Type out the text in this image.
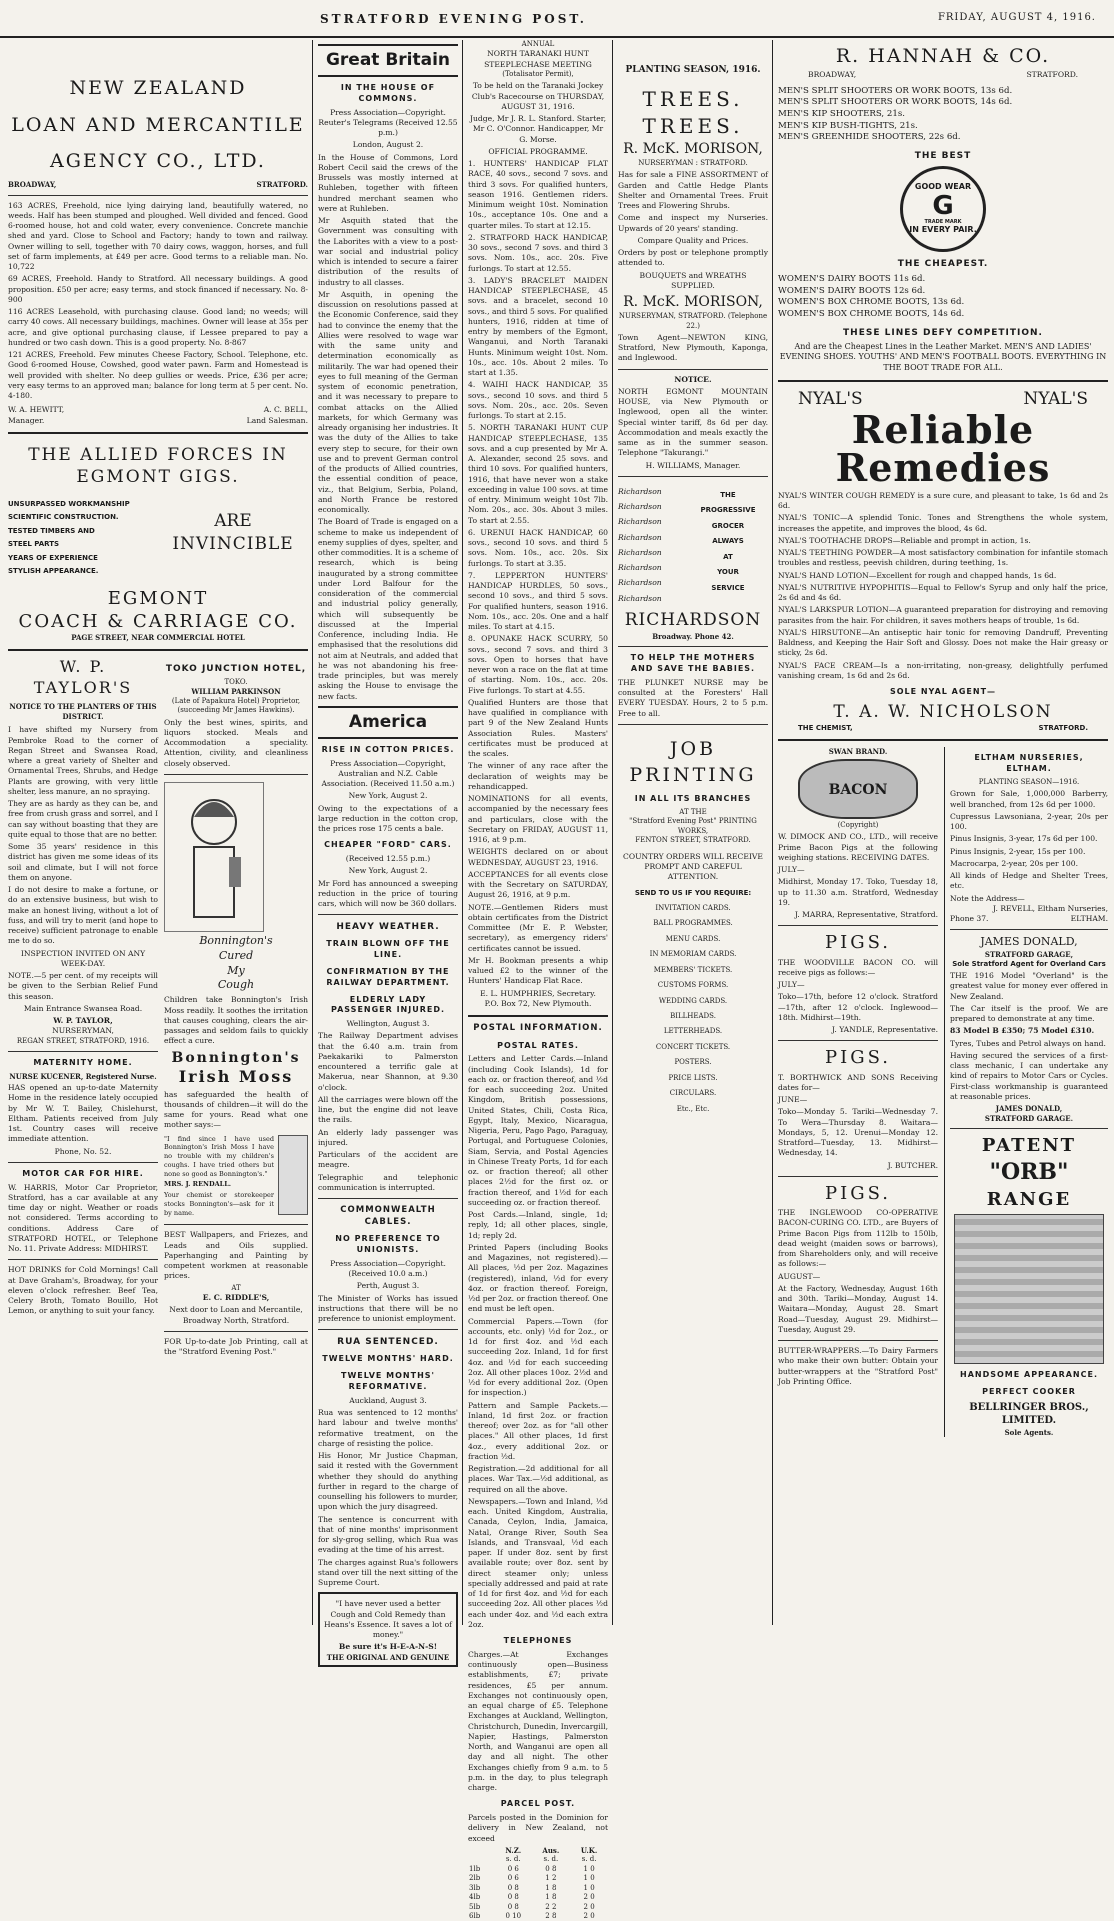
STRATFORD EVENING POST.	FRIDAY, AUGUST 4, 1916.
NEW ZEALAND
LOAN AND MERCANTILE
AGENCY CO., LTD.
BROADWAY,	STRATFORD.

163 ACRES, Freehold, nice lying dairying land, beautifully watered, no weeds. Half has been stumped and ploughed. Well divided and fenced. Good 6-roomed house, hot and cold water, every convenience. Concrete manchie shed and yard. Close to School and Factory; handy to town and railway. Owner willing to sell, together with 70 dairy cows, waggon, horses, and full set of farm implements, at £49 per acre. Good terms to a reliable man. No. 10,722

69 ACRES, Freehold. Handy to Stratford. All necessary buildings. A good proposition. £50 per acre; easy terms, and stock financed if necessary. No. 8-900

116 ACRES Leasehold, with purchasing clause. Good land; no weeds; will carry 40 cows. All necessary buildings, machines. Owner will lease at 35s per acre, and give optional purchasing clause, if Lessee prepared to pay a hundred or two cash down. This is a good property. No. 8-867

121 ACRES, Freehold. Few minutes Cheese Factory, School. Telephone, etc. Good 6-roomed House, Cowshed, good water pawn. Farm and Homestead is well provided with shelter. No deep gullies or weeds. Price, £36 per acre; very easy terms to an approved man; balance for long term at 5 per cent. No. 4-180.

W. A. HEWITT,	A. C. BELL,
Manager.	Land Salesman.
THE ALLIED FORCES IN
EGMONT GIGS.
UNSURPASSED WORKMANSHIP
SCIENTIFIC CONSTRUCTION.
TESTED TIMBERS AND
STEEL PARTS
YEARS OF EXPERIENCE
STYLISH APPEARANCE.
ARE
INVINCIBLE
EGMONT
COACH & CARRIAGE CO.
PAGE STREET, NEAR COMMERCIAL HOTEL
W. P. TAYLOR'S
NOTICE TO THE PLANTERS OF THIS DISTRICT.

I have shifted my Nursery from Pembroke Road to the corner of Regan Street and Swansea Road, where a great variety of Shelter and Ornamental Trees, Shrubs, and Hedge Plants are growing, with very little shelter, less manure, an no spraying.

They are as hardy as they can be, and free from crush grass and sorrel, and I can say without boasting that they are quite equal to those that are no better.

Some 35 years' residence in this district has given me some ideas of its soil and climate, but I will not force them on anyone.

I do not desire to make a fortune, or do an extensive business, but wish to make an honest living, without a lot of fuss, and will try to merit (and hope to receive) sufficient patronage to enable me to do so.

INSPECTION INVITED ON ANY WEEK-DAY.

NOTE.—5 per cent. of my receipts will be given to the Serbian Relief Fund this season.

Main Entrance Swansea Road.

W. P. TAYLOR,
NURSERYMAN,
REGAN STREET, STRATFORD, 1916.
MATERNITY HOME.
NURSE KUCENER, Registered Nurse.

HAS opened an up-to-date Maternity Home in the residence lately occupied by Mr W. T. Bailey, Chislehurst, Eltham. Patients received from July 1st. Country cases will receive immediate attention.

Phone, No. 52.
MOTOR CAR FOR HIRE.

W. HARRIS, Motor Car Proprietor, Stratford, has a car available at any time day or night. Weather or roads not considered. Terms according to conditions. Address Care of STRATFORD HOTEL, or Telephone No. 11. Private Address: MIDHIRST.

HOT DRINKS for Cold Mornings! Call at Dave Graham's, Broadway, for your eleven o'clock refresher. Beef Tea, Celery Broth, Tomato Bouillo, Hot Lemon, or anything to suit your fancy.

TOKO JUNCTION HOTEL,
TOKO.
WILLIAM PARKINSON
(Late of Papakura Hotel) Proprietor, (succeeding Mr James Hawkins).

Only the best wines, spirits, and liquors stocked. Meals and Accommodation a speciality. Attention, civility, and cleanliness closely observed.

Bonnington's
Cured
My
Cough

Children take Bonnington's Irish Moss readily. It soothes the irritation that causes coughing, clears the air-passages and seldom fails to quickly effect a cure.

Bonnington's
Irish Moss

has safeguarded the health of thousands of children—it will do the same for yours. Read what one mother says:—

"I find since I have used Bonnington's Irish Moss I have no trouble with my children's coughs. I have tried others but none so good as Bonnington's."

MRS. J. RENDALL.

Your chemist or storekeeper stocks Bonnington's—ask for it by name.

BEST Wallpapers, and Friezes, and Leads and Oils supplied. Paperhanging and Painting by competent workmen at reasonable prices.

AT
E. C. RIDDLE'S,

Next door to Loan and Mercantile, Broadway North, Stratford.

FOR Up-to-date Job Printing, call at the "Stratford Evening Post."

Great Britain
IN THE HOUSE OF COMMONS.

Press Association—Copyright. Reuter's Telegrams (Received 12.55 p.m.)

London, August 2.

In the House of Commons, Lord Robert Cecil said the crews of the Brussels was mostly interned at Ruhleben, together with fifteen hundred merchant seamen who were at Ruhleben.

Mr Asquith stated that the Government was consulting with the Laborites with a view to a post-war social and industrial policy which is intended to secure a fairer distribution of the results of industry to all classes.

Mr Asquith, in opening the discussion on resolutions passed at the Economic Conference, said they had to convince the enemy that the Allies were resolved to wage war with the same unity and determination economically as militarily. The war had opened their eyes to full meaning of the German system of economic penetration, and it was necessary to prepare to combat attacks on the Allied markets, for which Germany was already organising her industries. It was the duty of the Allies to take every step to secure, for their own use and to prevent German control of the products of Allied countries, the essential condition of peace, viz., that Belgium, Serbia, Poland, and North France be restored economically.

The Board of Trade is engaged on a scheme to make us independent of enemy supplies of dyes, spelter, and other commodities. It is a scheme of research, which is being inaugurated by a strong committee under Lord Balfour for the consideration of the commercial and industrial policy generally, which will subsequently be discussed at the Imperial Conference, including India. He emphasised that the resolutions did not aim at Neutrals, and added that he was not abandoning his free-trade principles, but was merely asking the House to envisage the new facts.

America
RISE IN COTTON PRICES.

Press Association—Copyright, Australian and N.Z. Cable Association. (Received 11.50 a.m.)

New York, August 2.

Owing to the expectations of a large reduction in the cotton crop, the prices rose 175 cents a bale.

CHEAPER "FORD" CARS.

(Received 12.55 p.m.)

New York, August 2.

Mr Ford has announced a sweeping reduction in the price of touring cars, which will now be 360 dollars.

HEAVY WEATHER.
TRAIN BLOWN OFF THE LINE.
CONFIRMATION BY THE RAILWAY DEPARTMENT.
ELDERLY LADY PASSENGER INJURED.

Wellington, August 3.

The Railway Department advises that the 6.40 a.m. train from Paekakariki to Palmerston encountered a terrific gale at Makerua, near Shannon, at 9.30 o'clock.

All the carriages were blown off the line, but the engine did not leave the rails.

An elderly lady passenger was injured.

Particulars of the accident are meagre.

Telegraphic and telephonic communication is interrupted.

COMMONWEALTH CABLES.
NO PREFERENCE TO UNIONISTS.

Press Association—Copyright. (Received 10.0 a.m.)

Perth, August 3.

The Minister of Works has issued instructions that there will be no preference to unionist employment.

RUA SENTENCED.
TWELVE MONTHS' HARD.
TWELVE MONTHS' REFORMATIVE.

Auckland, August 3.

Rua was sentenced to 12 months' hard labour and twelve months' reformative treatment, on the charge of resisting the police.

His Honor, Mr Justice Chapman, said it rested with the Government whether they should do anything further in regard to the charge of counselling his followers to murder, upon which the jury disagreed.

The sentence is concurrent with that of nine months' imprisonment for sly-grog selling, which Rua was evading at the time of his arrest.

The charges against Rua's followers stand over till the next sitting of the Supreme Court.

"I have never used a better Cough and Cold Remedy than Heans's Essence. It saves a lot of money."

Be sure it's H-E-A-N-S!
THE ORIGINAL AND GENUINE
ANNUAL
NORTH TARANAKI HUNT
STEEPLECHASE MEETING
(Totalisator Permit),

To be held on the Taranaki Jockey Club's Racecourse on THURSDAY, AUGUST 31, 1916.

Judge, Mr J. R. L. Stanford. Starter, Mr C. O'Connor. Handicapper, Mr G. Morse.

OFFICIAL PROGRAMME.

1. HUNTERS' HANDICAP FLAT RACE, 40 sovs., second 7 sovs. and third 3 sovs. For qualified hunters, season 1916. Gentlemen riders. Minimum weight 10st. Nomination 10s., acceptance 10s. One and a quarter miles. To start at 12.15.

2. STRATFORD HACK HANDICAP, 30 sovs., second 7 sovs. and third 3 sovs. Nom. 10s., acc. 20s. Five furlongs. To start at 12.55.

3. LADY'S BRACELET MAIDEN HANDICAP STEEPLECHASE, 45 sovs. and a bracelet, second 10 sovs., and third 5 sovs. For qualified hunters, 1916, ridden at time of entry by members of the Egmont, Wanganui, and North Taranaki Hunts. Minimum weight 10st. Nom. 10s., acc. 10s. About 2 miles. To start at 1.35.

4. WAIHI HACK HANDICAP, 35 sovs., second 10 sovs. and third 5 sovs. Nom. 20s., acc. 20s. Seven furlongs. To start at 2.15.

5. NORTH TARANAKI HUNT CUP HANDICAP STEEPLECHASE, 135 sovs. and a cup presented by Mr A. A. Alexander, second 25 sovs. and third 10 sovs. For qualified hunters, 1916, that have never won a stake exceeding in value 100 sovs. at time of entry. Minimum weight 10st 7lb. Nom. 20s., acc. 30s. About 3 miles. To start at 2.55.

6. URENUI HACK HANDICAP, 60 sovs., second 10 sovs. and third 5 sovs. Nom. 10s., acc. 20s. Six furlongs. To start at 3.35.

7. LEPPERTON HUNTERS' HANDICAP HURDLES, 50 sovs., second 10 sovs., and third 5 sovs. For qualified hunters, season 1916. Nom. 10s., acc. 20s. One and a half miles. To start at 4.15.

8. OPUNAKE HACK SCURRY, 50 sovs., second 7 sovs. and third 3 sovs. Open to horses that have never won a race on the flat at time of starting. Nom. 10s., acc. 20s. Five furlongs. To start at 4.55.

Qualified Hunters are those that have qualified in compliance with part 9 of the New Zealand Hunts Association Rules. Masters' certificates must be produced at the scales.

The winner of any race after the declaration of weights may be rehandicapped.

NOMINATIONS for all events, accompanied by the necessary fees and particulars, close with the Secretary on FRIDAY, AUGUST 11, 1916, at 9 p.m.

WEIGHTS declared on or about WEDNESDAY, AUGUST 23, 1916.

ACCEPTANCES for all events close with the Secretary on SATURDAY, August 26, 1916, at 9 p.m.

NOTE.—Gentlemen Riders must obtain certificates from the District Committee (Mr E. P. Webster, secretary), as emergency riders' certificates cannot be issued.

Mr H. Bookman presents a whip valued £2 to the winner of the Hunters' Handicap Flat Race.

E. L. HUMPHRIES, Secretary.
P.O. Box 72, New Plymouth.
POSTAL INFORMATION.
POSTAL RATES.

Letters and Letter Cards.—Inland (including Cook Islands), 1d for each oz. or fraction thereof, and ½d for each succeeding 2oz. United Kingdom, British possessions, United States, Chili, Costa Rica, Egypt, Italy, Mexico, Nicaragua, Nigeria, Peru, Pago Pago, Paraguay, Portugal, and Portuguese Colonies, Siam, Servia, and Postal Agencies in Chinese Treaty Ports, 1d for each oz. or fraction thereof; all other places 2½d for the first oz. or fraction thereof, and 1½d for each succeeding oz. or fraction thereof.

Post Cards.—Inland, single, 1d; reply, 1d; all other places, single, 1d; reply 2d.

Printed Papers (including Books and Magazines, not registered).—All places, ½d per 2oz. Magazines (registered), inland, ½d for every 4oz. or fraction thereof. Foreign, ½d per 2oz. or fraction thereof. One end must be left open.

Commercial Papers.—Town (for accounts, etc. only) ½d for 2oz., or 1d for first 4oz. and ½d each succeeding 2oz. Inland, 1d for first 4oz. and ½d for each succeeding 2oz. All other places 10oz. 2½d and ½d for every additional 2oz. (Open for inspection.)

Pattern and Sample Packets.—Inland, 1d first 2oz. or fraction thereof; over 2oz. as for "all other places." All other places, 1d first 4oz., every additional 2oz. or fraction ½d.

Registration.—2d additional for all places. War Tax.—½d additional, as required on all the above.

Newspapers.—Town and Inland, ½d each. United Kingdom, Australia, Canada, Ceylon, India, Jamaica, Natal, Orange River, South Sea Islands, and Transvaal, ½d each paper. If under 8oz. sent by first available route; over 8oz. sent by direct steamer only; unless specially addressed and paid at rate of 1d for first 4oz. and ½d for each succeeding 2oz. All other places ½d each under 4oz. and ½d each extra 2oz.

TELEPHONES

Charges.—At Exchanges continuously open—Business establishments, £7; private residences, £5 per annum. Exchanges not continuously open, an equal charge of £5. Telephone Exchanges at Auckland, Wellington, Christchurch, Dunedin, Invercargill, Napier, Hastings, Palmerston North, and Wanganui are open all day and all night. The other Exchanges chiefly from 9 a.m. to 5 p.m. in the day, to plus telegraph charge.

PARCEL POST.

Parcels posted in the Dominion for delivery in New Zealand, not exceed

	N.Z.	Aus.	U.K.
	s. d.	s. d.	s. d.
1lb	0 6	0 8	1 0
2lb	0 6	1 2	1 0
3lb	0 8	1 8	1 0
4lb	0 8	1 8	2 0
5lb	0 8	2 2	2 0
6lb	0 10	2 8	2 0
PLANTING SEASON, 1916.
TREES.
TREES.
R. McK. MORISON,
NURSERYMAN : STRATFORD.

Has for sale a FINE ASSORTMENT of Garden and Cattle Hedge Plants Shelter and Ornamental Trees. Fruit Trees and Flowering Shrubs.

Come and inspect my Nurseries. Upwards of 20 years' standing.

Compare Quality and Prices.

Orders by post or telephone promptly attended to.

BOUQUETS and WREATHS SUPPLIED.

R. McK. MORISON,
NURSERYMAN, STRATFORD. (Telephone 22.)

Town Agent—NEWTON KING, Stratford, New Plymouth, Kaponga, and Inglewood.

NOTICE.

NORTH EGMONT MOUNTAIN HOUSE, via New Plymouth or Inglewood, open all the winter. Special winter tariff, 8s 6d per day. Accommodation and meals exactly the same as in the summer season. Telephone "Takurangi."

H. WILLIAMS, Manager.
Richardson
Richardson
Richardson
Richardson
Richardson
Richardson
Richardson
Richardson
THE
PROGRESSIVE
GROCER
ALWAYS
AT
YOUR
SERVICE
RICHARDSON
Broadway. Phone 42.
TO HELP THE MOTHERS AND SAVE THE BABIES.

THE PLUNKET NURSE may be consulted at the Foresters' Hall EVERY TUESDAY. Hours, 2 to 5 p.m. Free to all.

JOB
PRINTING
IN ALL ITS BRANCHES
AT THE
"Stratford Evening Post" PRINTING WORKS,
FENTON STREET, STRATFORD.

COUNTRY ORDERS WILL RECEIVE PROMPT AND CAREFUL ATTENTION.

SEND TO US IF YOU REQUIRE:
INVITATION CARDS.
BALL PROGRAMMES.
MENU CARDS.
IN MEMORIAM CARDS.
MEMBERS' TICKETS.
CUSTOMS FORMS.
WEDDING CARDS.
BILLHEADS.
LETTERHEADS.
CONCERT TICKETS.
POSTERS.
PRICE LISTS.
CIRCULARS.
Etc., Etc.
R. HANNAH & CO.
BROADWAY,	STRATFORD.
MEN'S SPLIT SHOOTERS OR WORK BOOTS, 13s 6d.
MEN'S SPLIT SHOOTERS OR WORK BOOTS, 14s 6d.
MEN'S KIP SHOOTERS, 21s.
MEN'S KIP BUSH-TIGHTS, 21s.
MEN'S GREENHIDE SHOOTERS, 22s 6d.
THE BEST
GOOD WEAR
G
TRADE MARK
IN EVERY PAIR.
THE CHEAPEST.
WOMEN'S DAIRY BOOTS 11s 6d.
WOMEN'S DAIRY BOOTS 12s 6d.
WOMEN'S BOX CHROME BOOTS, 13s 6d.
WOMEN'S BOX CHROME BOOTS, 14s 6d.
THESE LINES DEFY COMPETITION.

And are the Cheapest Lines in the Leather Market. MEN'S AND LADIES' EVENING SHOES. YOUTHS' AND MEN'S FOOTBALL BOOTS. EVERYTHING IN THE BOOT TRADE FOR ALL.

NYAL'S	NYAL'S
Reliable
Remedies

NYAL'S WINTER COUGH REMEDY is a sure cure, and pleasant to take, 1s 6d and 2s 6d.

NYAL'S TONIC—A splendid Tonic. Tones and Strengthens the whole system, increases the appetite, and improves the blood, 4s 6d.

NYAL'S TOOTHACHE DROPS—Reliable and prompt in action, 1s.

NYAL'S TEETHING POWDER—A most satisfactory combination for infantile stomach troubles and restless, peevish children, during teething, 1s.

NYAL'S HAND LOTION—Excellent for rough and chapped hands, 1s 6d.

NYAL'S NUTRITIVE HYPOPHITIS—Equal to Fellow's Syrup and only half the price, 2s 6d and 4s 6d.

NYAL'S LARKSPUR LOTION—A guaranteed preparation for distroying and removing parasites from the hair. For children, it saves mothers heaps of trouble, 1s 6d.

NYAL'S HIRSUTONE—An antiseptic hair tonic for removing Dandruff, Preventing Baldness, and Keeping the Hair Soft and Glossy. Does not make the Hair greasy or sticky, 2s 6d.

NYAL'S FACE CREAM—Is a non-irritating, non-greasy, delightfully perfumed vanishing cream, 1s 6d and 2s 6d.

SOLE NYAL AGENT—
T. A. W. NICHOLSON
THE CHEMIST,	STRATFORD.
SWAN BRAND.
BACON
(Copyright)

W. DIMOCK AND CO., LTD., will receive Prime Bacon Pigs at the following weighing stations. RECEIVING DATES.

JULY—

Midhirst, Monday 17. Toko, Tuesday 18, up to 11.30 a.m. Stratford, Wednesday 19.

J. MARRA, Representative, Stratford.

PIGS.

THE WOODVILLE BACON CO. will receive pigs as follows:—

JULY—

Toko—17th, before 12 o'clock. Stratford—17th, after 12 o'clock. Inglewood—18th. Midhirst—19th.

J. YANDLE, Representative.

PIGS.

T. BORTHWICK AND SONS Receiving dates for—

JUNE—

Toko—Monday 5. Tariki—Wednesday 7. To Wera—Thursday 8. Waitara—Mondays, 5, 12. Urenui—Monday 12. Stratford—Tuesday, 13. Midhirst—Wednesday, 14.

J. BUTCHER.

PIGS.

THE INGLEWOOD CO-OPERATIVE BACON-CURING CO. LTD., are Buyers of Prime Bacon Pigs from 112lb to 150lb, dead weight (maiden sows or barrows), from Shareholders only, and will receive as follows:—

AUGUST—

At the Factory, Wednesday, August 16th and 30th. Tariki—Monday, August 14. Waitara—Monday, August 28. Smart Road—Tuesday, August 29. Midhirst—Tuesday, August 29.

BUTTER-WRAPPERS.—To Dairy Farmers who make their own butter: Obtain your butter-wrappers at the "Stratford Post" Job Printing Office.

ELTHAM NURSERIES, ELTHAM.
PLANTING SEASON—1916.

Grown for Sale, 1,000,000 Barberry, well branched, from 12s 6d per 1000.

Cupressus Lawsoniana, 2-year, 20s per 100.

Pinus Insignis, 3-year, 17s 6d per 100.

Pinus Insignis, 2-year, 15s per 100.

Macrocarpa, 2-year, 20s per 100.

All kinds of Hedge and Shelter Trees, etc.

Note the Address—
J. REVELL, Eltham Nurseries,
Phone 37.	ELTHAM.
JAMES DONALD,
STRATFORD GARAGE,
Sole Stratford Agent for Overland Cars

THE 1916 Model "Overland" is the greatest value for money ever offered in New Zealand.

The Car itself is the proof. We are prepared to demonstrate at any time.

83 Model B £350; 75 Model £310.

Tyres, Tubes and Petrol always on hand.

Having secured the services of a first-class mechanic, I can undertake any kind of repairs to Motor Cars or Cycles. First-class workmanship is guaranteed at reasonable prices.

JAMES DONALD,
STRATFORD GARAGE.
PATENT
"ORB"
RANGE
HANDSOME APPEARANCE.
PERFECT COOKER
BELLRINGER BROS., LIMITED.
Sole Agents.
